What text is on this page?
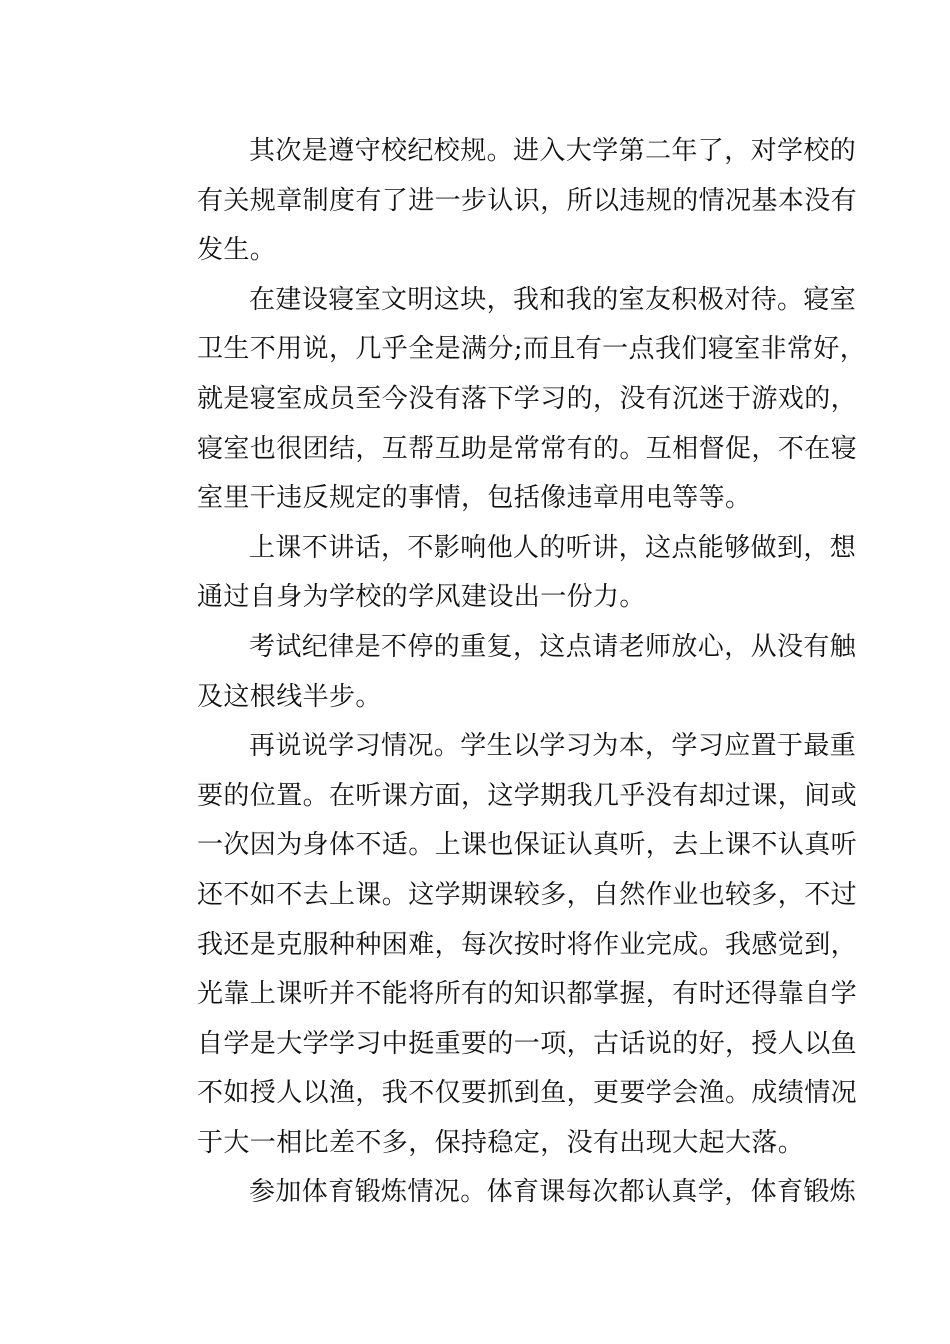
其次是遵守校纪校规。进入大学第二年了，对学校的
有关规章制度有了进一步认识，所以违规的情况基本没有
发生。
在建设寝室文明这块，我和我的室友积极对待。寝室
卫生不用说，几乎全是满分;而且有一点我们寝室非常好，
就是寝室成员至今没有落下学习的，没有沉迷于游戏的，
寝室也很团结，互帮互助是常常有的。互相督促，不在寝
室里干违反规定的事情，包括像违章用电等等。
上课不讲话，不影响他人的听讲，这点能够做到，想
通过自身为学校的学风建设出一份力。
考试纪律是不停的重复，这点请老师放心，从没有触
及这根线半步。
再说说学习情况。学生以学习为本，学习应置于最重
要的位置。在听课方面，这学期我几乎没有却过课，间或
一次因为身体不适。上课也保证认真听，去上课不认真听
还不如不去上课。这学期课较多，自然作业也较多，不过
我还是克服种种困难，每次按时将作业完成。我感觉到，
光靠上课听并不能将所有的知识都掌握，有时还得靠自学
自学是大学学习中挺重要的一项，古话说的好，授人以鱼
不如授人以渔，我不仅要抓到鱼，更要学会渔。成绩情况
于大一相比差不多，保持稳定，没有出现大起大落。
参加体育锻炼情况。体育课每次都认真学，体育锻炼
